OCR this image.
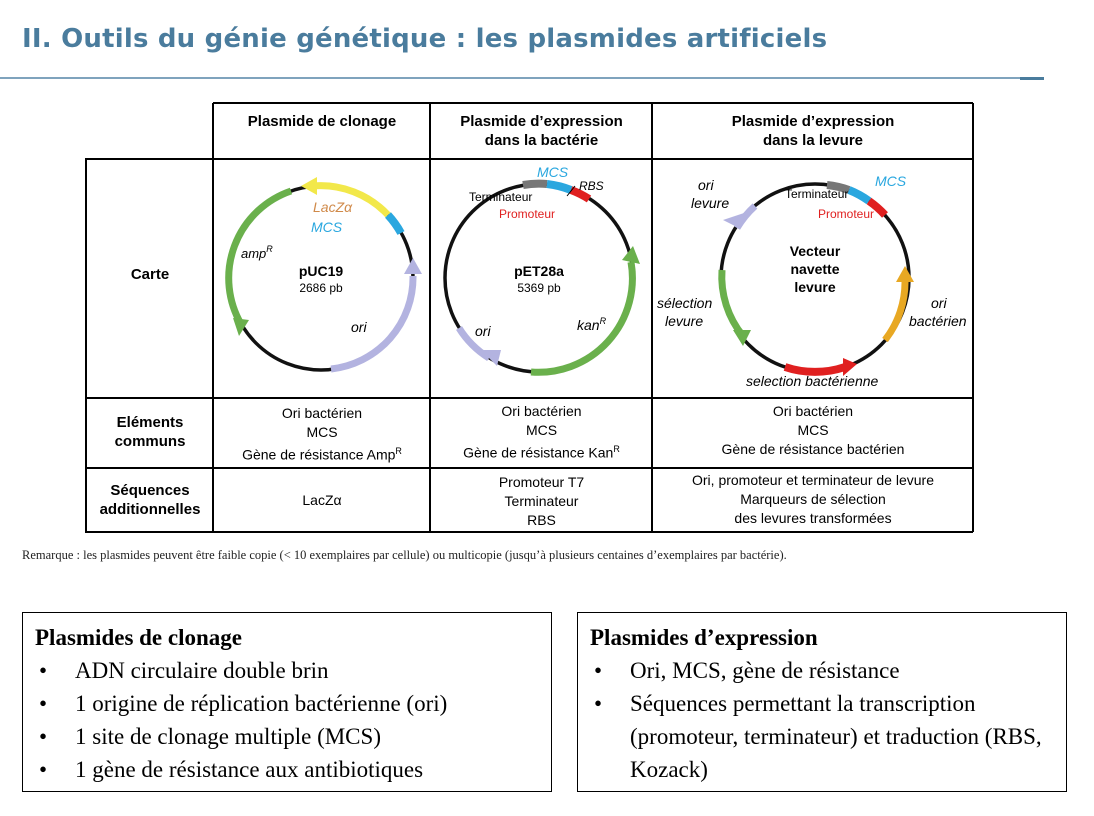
II. Outils du génie génétique : les plasmides artificiels
pUC19
2686 pb
amp$^R$
LacZα
MCS
ori
pET28a
5369 pb
Terminateur
Promoteur
MCS
RBS
kan$^R$
ori
Vecteur
navette
levure
Terminateur
MCS
Promoteur
ori
levure
sélection
levure
ori
bactérien
selection bactérienne
Plasmide de clonage	Plasmide d’expression
dans la bactérie
Plasmide d’expression
dans la levure
Carte
Eléments
communs
Séquences
additionnelles
Ori bactérien
MCS
Gène de résistance Amp$^R$
Ori bactérien
MCS
Gène de résistance Kan$^R$
Ori bactérien
MCS
Gène de résistance bactérien
LacZα
Promoteur T7
Terminateur
RBS
Ori, promoteur et terminateur de levure
Marqueurs de sélection
des levures transformées
Remarque : les plasmides peuvent être faible copie (< 10 exemplaires par cellule) ou multicopie (jusqu’à plusieurs centaines d’exemplaires par bactérie).
Plasmides de clonage
• ADN circulaire double brin
• 1 origine de réplication bactérienne (ori)
• 1 site de clonage multiple (MCS)
• 1 gène de résistance aux antibiotiques
Plasmides d’expression
• Ori, MCS, gène de résistance
• Séquences permettant la transcription (promoteur, terminateur) et traduction (RBS, Kozack)
